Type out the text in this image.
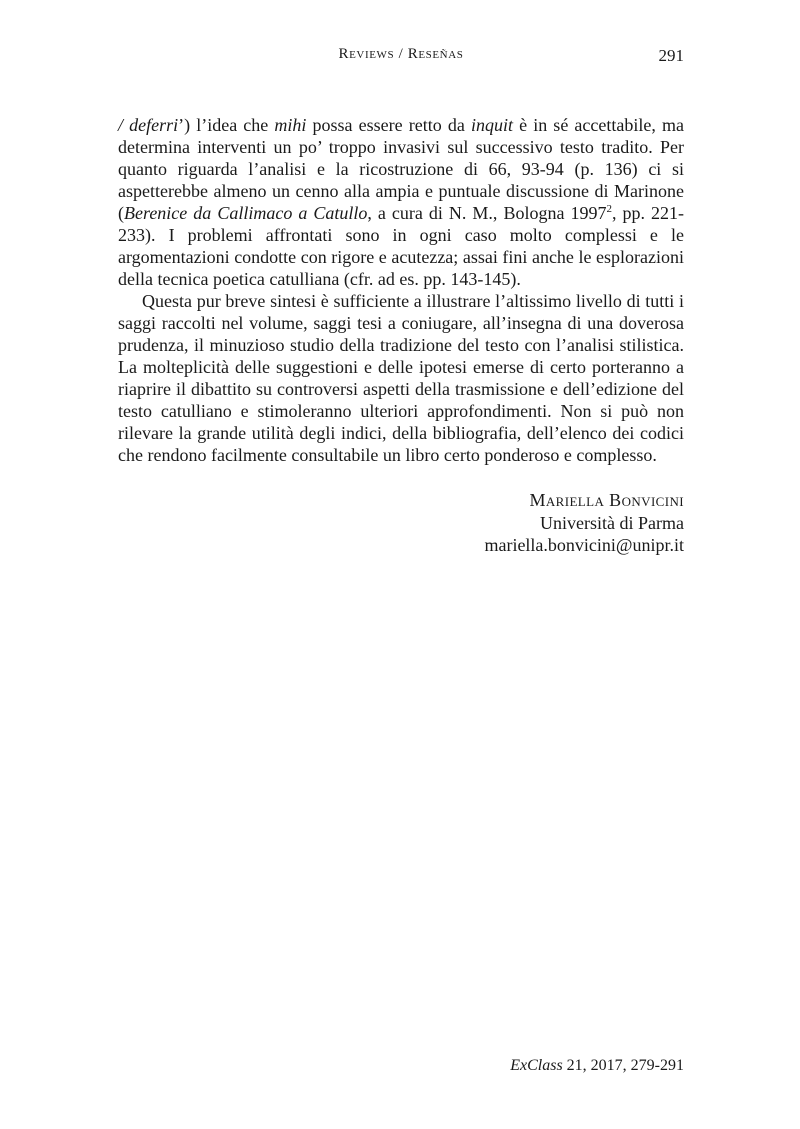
Reviews / Reseñas	291

/ deferri’) l’idea che mihi possa essere retto da inquit è in sé accettabile, ma determina interventi un po’ troppo invasivi sul successivo testo tradito. Per quanto riguarda l’analisi e la ricostruzione di 66, 93-94 (p. 136) ci si aspetterebbe almeno un cenno alla ampia e puntuale discussione di Marinone (Berenice da Callimaco a Catullo, a cura di N. M., Bologna 1997$^2$, pp. 221-233). I problemi affrontati sono in ogni caso molto complessi e le argomentazioni condotte con rigore e acutezza; assai fini anche le esplorazioni della tecnica poetica catulliana (cfr. ad es. pp. 143-145).

Questa pur breve sintesi è sufficiente a illustrare l’altissimo livello di tutti i saggi raccolti nel volume, saggi tesi a coniugare, all’insegna di una doverosa prudenza, il minuzioso studio della tradizione del testo con l’analisi stilistica. La molteplicità delle suggestioni e delle ipotesi emerse di certo porteranno a riaprire il dibattito su controversi aspetti della trasmissione e dell’edizione del testo catulliano e stimoleranno ulteriori approfondimenti. Non si può non rilevare la grande utilità degli indici, della bibliografia, dell’elenco dei codici che rendono facilmente consultabile un libro certo ponderoso e complesso.

Mariella Bonvicini
Università di Parma
mariella.bonvicini@unipr.it
ExClass 21, 2017, 279-291
